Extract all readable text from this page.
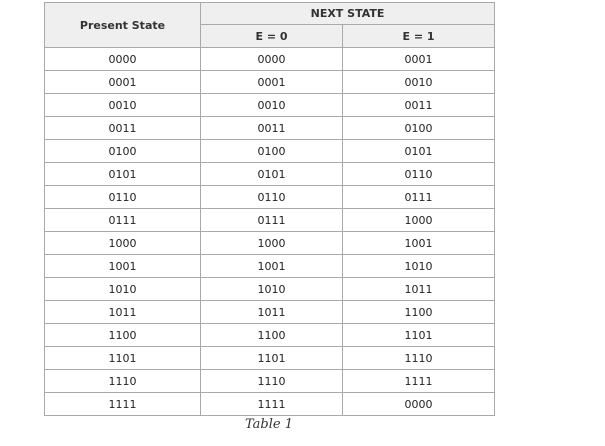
Present State	NEXT STATE	
	E = 0	E = 1
0000	0000	0001
0001	0001	0010
0010	0010	0011
0011	0011	0100
0100	0100	0101
0101	0101	0110
0110	0110	0111
0111	0111	1000
1000	1000	1001
1001	1001	1010
1010	1010	1011
1011	1011	1100
1100	1100	1101
1101	1101	1110
1110	1110	1111
1111	1111	0000
Table 1
